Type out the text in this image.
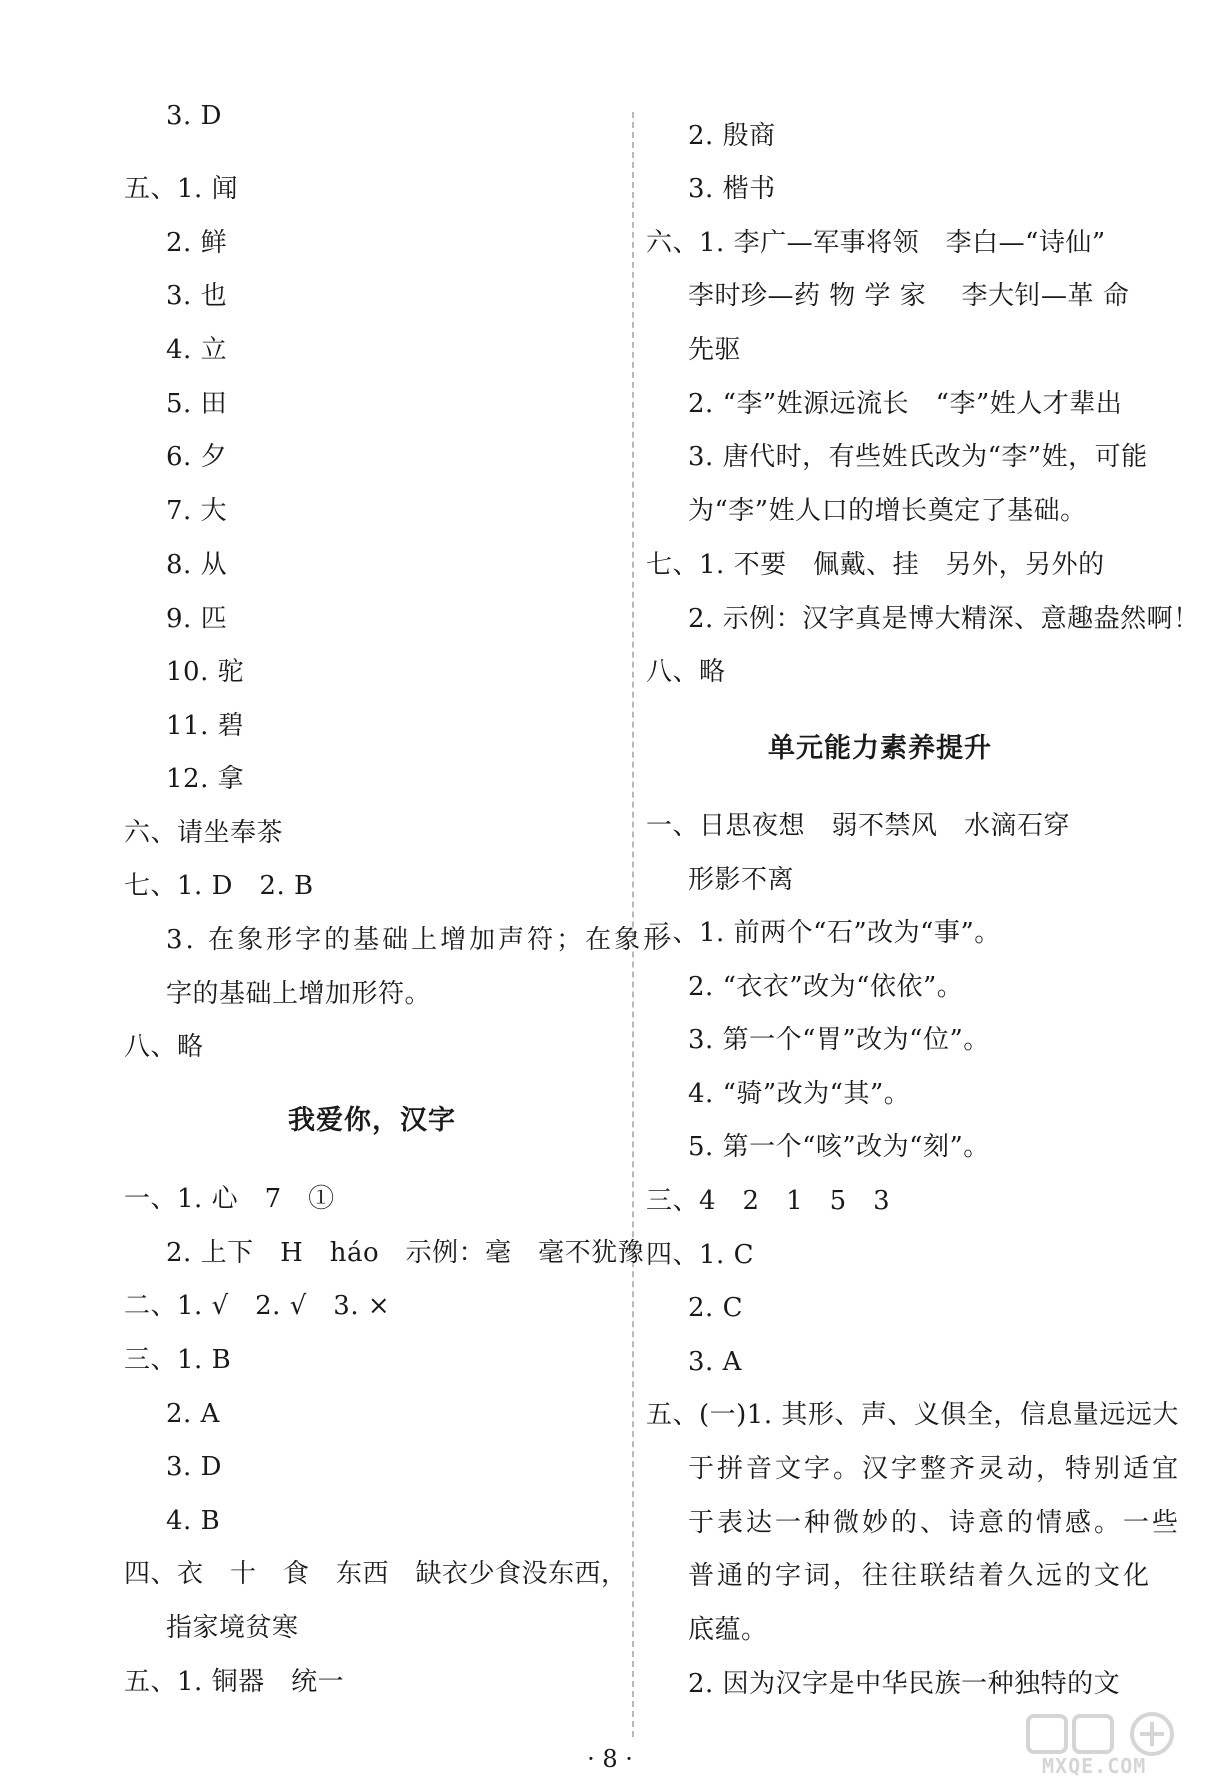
3. D
五、1. 闻
2. 鲜
3. 也
4. 立
5. 田
6. 夕
7. 大
8. 从
9. 匹
10. 驼
11. 碧
12. 拿
六、请坐奉茶
七、1. D　2. B
3. 在象形字的基础上增加声符；在象形
字的基础上增加形符。
八、略
我爱你，汉字
一、1. 心　7　①
2. 上下　H　háo　示例：毫　毫不犹豫
二、1. √　2. √　3. ×
三、1. B
2. A
3. D
4. B
四、衣　十　食　东西　缺衣少食没东西，
指家境贫寒
五、1. 铜器　统一
2. 殷商
3. 楷书
六、1. 李广—军事将领　李白—“诗仙”
李时珍—药 物 学 家　 李大钊—革 命
先驱
2. “李”姓源远流长　“李”姓人才辈出
3. 唐代时，有些姓氏改为“李”姓，可能
为“李”姓人口的增长奠定了基础。
七、1. 不要　佩戴、挂　另外，另外的
2. 示例：汉字真是博大精深、意趣盎然啊！
八、略
单元能力素养提升
一、日思夜想　弱不禁风　水滴石穿
形影不离
二、1. 前两个“石”改为“事”。
2. “衣衣”改为“依依”。
3. 第一个“胃”改为“位”。
4. “骑”改为“其”。
5. 第一个“咳”改为“刻”。
三、4　2　1　5　3
四、1. C
2. C
3. A
五、(一)1. 其形、声、义俱全，信息量远远大
于拼音文字。汉字整齐灵动，特别适宜
于表达一种微妙的、诗意的情感。一些
普通的字词，往往联结着久远的文化
底蕴。
2. 因为汉字是中华民族一种独特的文
· 8 ·	MXQE.COM
